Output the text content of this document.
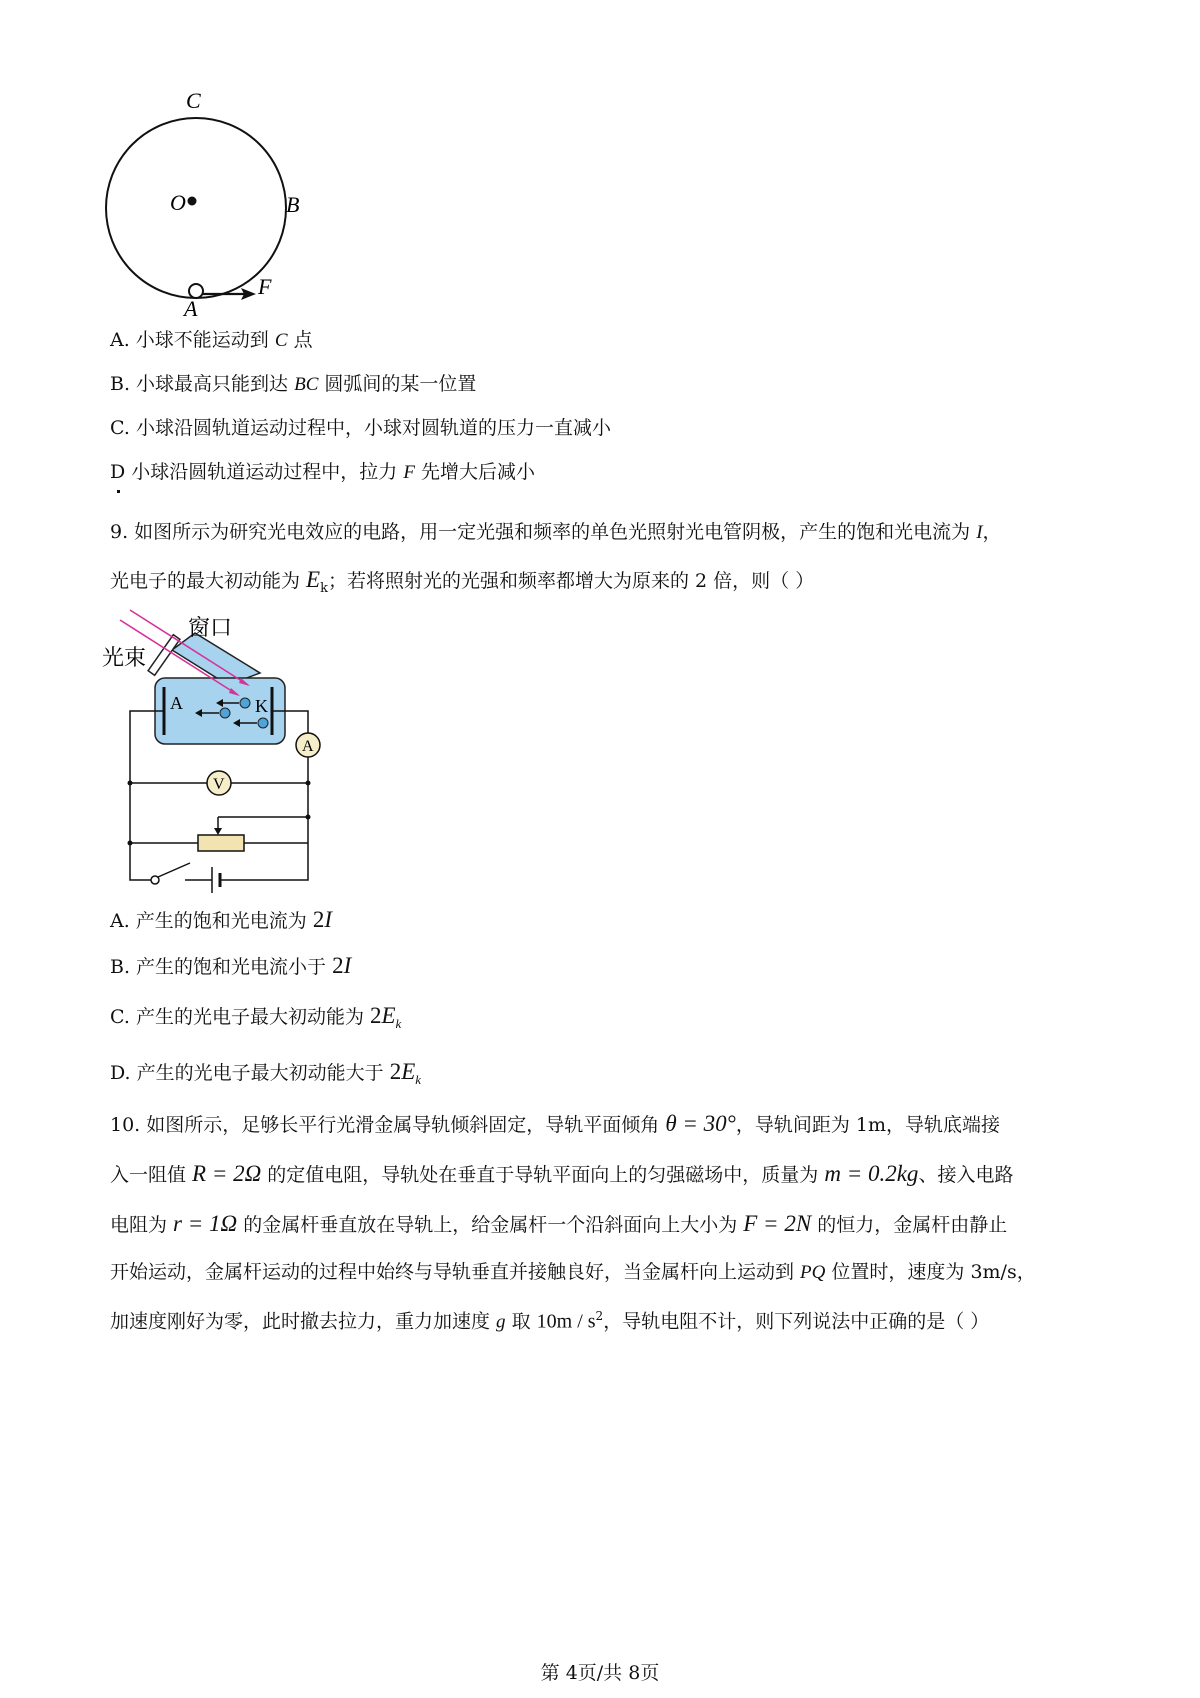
C
O	B
A
F
A. 小球不能运动到 C 点
B. 小球最高只能到达 BC 圆弧间的某一位置
C. 小球沿圆轨道运动过程中，小球对圆轨道的压力一直减小
D 小球沿圆轨道运动过程中，拉力 F 先增大后减小
9. 如图所示为研究光电效应的电路，用一定光强和频率的单色光照射光电管阴极，产生的饱和光电流为 I，
光电子的最大初动能为 $E_k$；若将照射光的光强和频率都增大为原来的 2 倍，则（ ）
A	K
窗口
光束
A
V
A. 产生的饱和光电流为 2I
B. 产生的饱和光电流小于 2I
C. 产生的光电子最大初动能为 $2E_k$
D. 产生的光电子最大初动能大于 $2E_k$
10. 如图所示，足够长平行光滑金属导轨倾斜固定，导轨平面倾角 θ = 30°，导轨间距为 1m，导轨底端接
入一阻值 R = 2Ω 的定值电阻，导轨处在垂直于导轨平面向上的匀强磁场中，质量为 m = 0.2kg、接入电路
电阻为 r = 1Ω 的金属杆垂直放在导轨上，给金属杆一个沿斜面向上大小为 F = 2N 的恒力，金属杆由静止
开始运动，金属杆运动的过程中始终与导轨垂直并接触良好，当金属杆向上运动到 PQ 位置时，速度为 3m/s，
加速度刚好为零，此时撤去拉力，重力加速度 g 取 $10m / s^2$，导轨电阻不计，则下列说法中正确的是（ ）
第 4页/共 8页
